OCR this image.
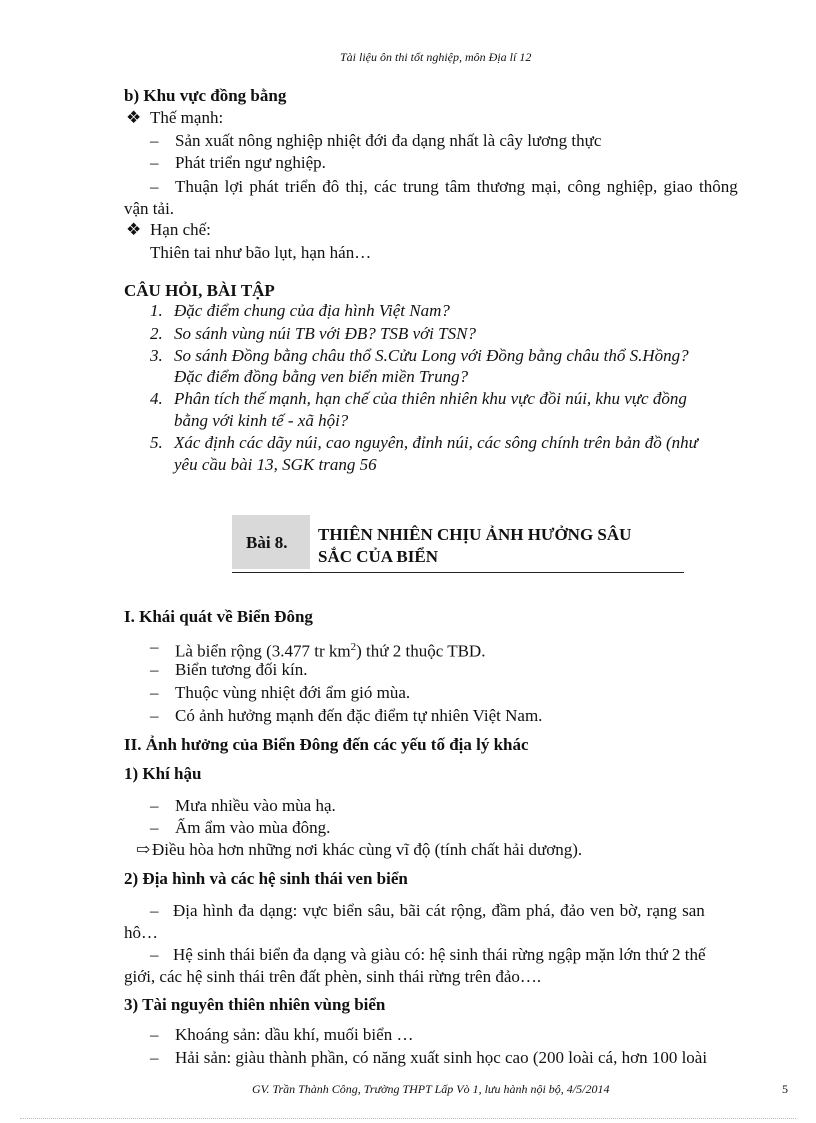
Tài liệu ôn thi tốt nghiệp, môn Địa lí 12
b) Khu vực đồng bằng
❖ Thế mạnh:
– Sản xuất nông nghiệp nhiệt đới đa dạng nhất là cây lương thực
– Phát triển ngư nghiệp.
– Thuận lợi phát triển đô thị, các trung tâm thương mại, công nghiệp, giao thông
vận tải.
❖ Hạn chế:
Thiên tai như bão lụt, hạn hán…
CÂU HỎI, BÀI TẬP
1. Đặc điểm chung của địa hình Việt Nam?
2. So sánh vùng núi TB với ĐB? TSB với TSN?
3. So sánh Đồng bằng châu thổ S.Cửu Long với Đồng bằng châu thổ S.Hồng?
Đặc điểm đồng bằng ven biển miền Trung?
4. Phân tích thế mạnh, hạn chế của thiên nhiên khu vực đồi núi, khu vực đồng
bằng với kinh tế - xã hội?
5. Xác định các dãy núi, cao nguyên, đỉnh núi, các sông chính trên bản đồ (như
yêu cầu bài 13, SGK trang 56
Bài 8. THIÊN NHIÊN CHỊU ẢNH HƯỞNG SÂU
SẮC CỦA BIỂN
I. Khái quát về Biển Đông
– Là biển rộng (3.477 tr $km^2$) thứ 2 thuộc TBD.
– Biển tương đối kín.
– Thuộc vùng nhiệt đới ẩm gió mùa.
– Có ảnh hưởng mạnh đến đặc điểm tự nhiên Việt Nam.
II. Ảnh hưởng của Biển Đông đến các yếu tố địa lý khác
1) Khí hậu
– Mưa nhiều vào mùa hạ.
– Ấm ẩm vào mùa đông.
⇨ Điều hòa hơn những nơi khác cùng vĩ độ (tính chất hải dương).
2) Địa hình và các hệ sinh thái ven biển
– Địa hình đa dạng: vực biển sâu, bãi cát rộng, đầm phá, đảo ven bờ, rạng san
hô…
– Hệ sinh thái biển đa dạng và giàu có: hệ sinh thái rừng ngập mặn lớn thứ 2 thế
giới, các hệ sinh thái trên đất phèn, sinh thái rừng trên đảo….
3) Tài nguyên thiên nhiên vùng biển
– Khoáng sản: dầu khí, muối biển …
– Hải sản: giàu thành phần, có năng xuất sinh học cao (200 loài cá, hơn 100 loài
GV. Trần Thành Công, Trường THPT Lấp Vò 1, lưu hành nội bộ, 4/5/2014	5
